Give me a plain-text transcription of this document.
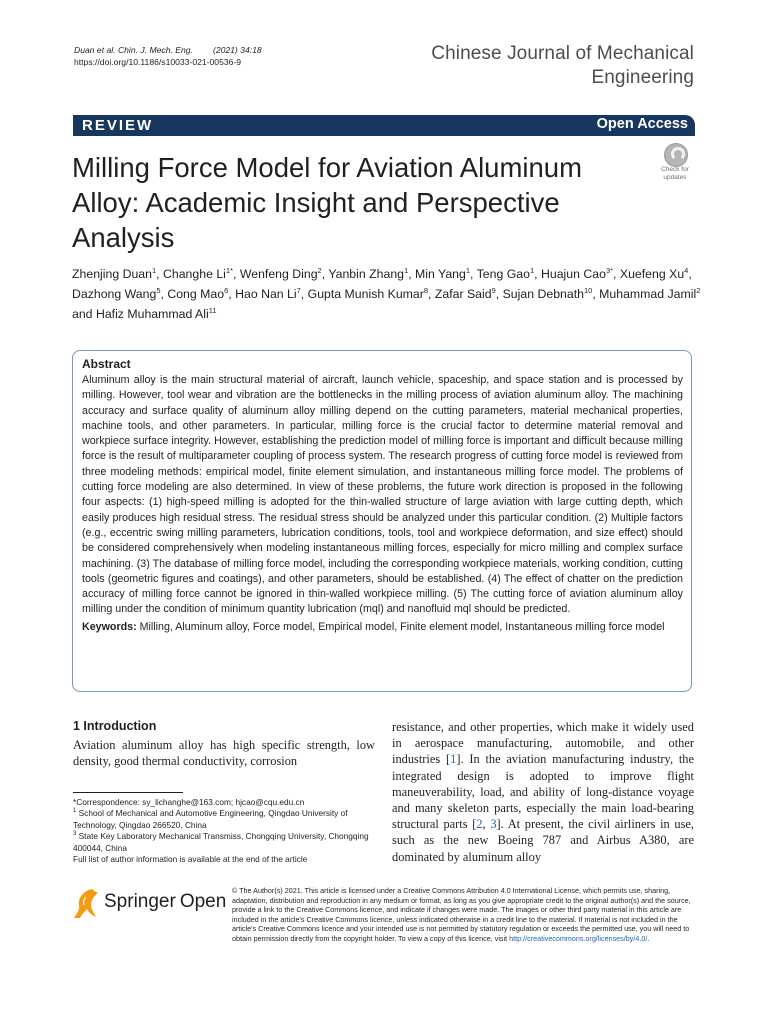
Duan et al. Chin. J. Mech. Eng. (2021) 34:18
https://doi.org/10.1186/s10033-021-00536-9	Chinese Journal of Mechanical
Engineering
REVIEW	Open Access
Milling Force Model for Aviation Aluminum Alloy: Academic Insight and Perspective Analysis
Check for
updates
Zhenjing Duan$^1$, Changhe $Li^{1*}$, Wenfeng Ding$^2$, Yanbin Zhang$^1$, Min Yang$^1$, Teng Gao$^1$, Huajun Cao$^{3*}$, Xuefeng Xu$^4$, Dazhong Wang$^5$, Cong Mao$^6$, Hao Nan Li$^7$, Gupta Munish Kumar$^8$, Zafar Said$^9$, Sujan Debnath$^{10}$, Muhammad Jamil$^2$ and Hafiz Muhammad Ali$^{11}$
Abstract

Aluminum alloy is the main structural material of aircraft, launch vehicle, spaceship, and space station and is processed by milling. However, tool wear and vibration are the bottlenecks in the milling process of aviation aluminum alloy. The machining accuracy and surface quality of aluminum alloy milling depend on the cutting parameters, material mechanical properties, machine tools, and other parameters. In particular, milling force is the crucial factor to determine material removal and workpiece surface integrity. However, establishing the prediction model of milling force is important and difficult because milling force is the result of multiparameter coupling of process system. The research progress of cutting force model is reviewed from three modeling methods: empirical model, finite element simulation, and instantaneous milling force model. The problems of cutting force modeling are also determined. In view of these problems, the future work direction is proposed in the following four aspects: (1) high-speed milling is adopted for the thin-walled structure of large aviation with large cutting depth, which easily produces high residual stress. The residual stress should be analyzed under this particular condition. (2) Multiple factors (e.g., eccentric swing milling parameters, lubrication conditions, tools, tool and workpiece deformation, and size effect) should be considered comprehensively when modeling instantaneous milling forces, especially for micro milling and complex surface machining. (3) The database of milling force model, including the corresponding workpiece materials, working condition, cutting tools (geometric figures and coatings), and other parameters, should be established. (4) The effect of chatter on the prediction accuracy of milling force cannot be ignored in thin-walled workpiece milling. (5) The cutting force of aviation aluminum alloy milling under the condition of minimum quantity lubrication (mql) and nanofluid mql should be predicted.

Keywords: Milling, Aluminum alloy, Force model, Empirical model, Finite element model, Instantaneous milling force model

1 Introduction
Aviation aluminum alloy has high specific strength, low density, good thermal conductivity, corrosion
resistance, and other properties, which make it widely used in aerospace manufacturing, automobile, and other industries [1]. In the aviation manufacturing industry, the integrated design is adopted to improve flight maneuverability, load, and ability of long-distance voyage and many skeleton parts, especially the main load-bearing structural parts [2, 3]. At present, the civil airliners in use, such as the new Boeing 787 and Airbus A380, are dominated by aluminum alloy
*Correspondence: sy_lichanghe@163.com; hjcao@cqu.edu.cn
$^1$ School of Mechanical and Automotive Engineering, Qingdao University of Technology, Qingdao 266520, China
$^3$ State Key Laboratory Mechanical Transmiss, Chongqing University, Chongqing 400044, China
Full list of author information is available at the end of the article
Springer Open
© The Author(s) 2021. This article is licensed under a Creative Commons Attribution 4.0 International License, which permits use, sharing, adaptation, distribution and reproduction in any medium or format, as long as you give appropriate credit to the original author(s) and the source, provide a link to the Creative Commons licence, and indicate if changes were made. The images or other third party material in this article are included in the article's Creative Commons licence, unless indicated otherwise in a credit line to the material. If material is not included in the article's Creative Commons licence and your intended use is not permitted by statutory regulation or exceeds the permitted use, you will need to obtain permission directly from the copyright holder. To view a copy of this licence, visit http://creativecommons.org/licenses/by/4.0/.
